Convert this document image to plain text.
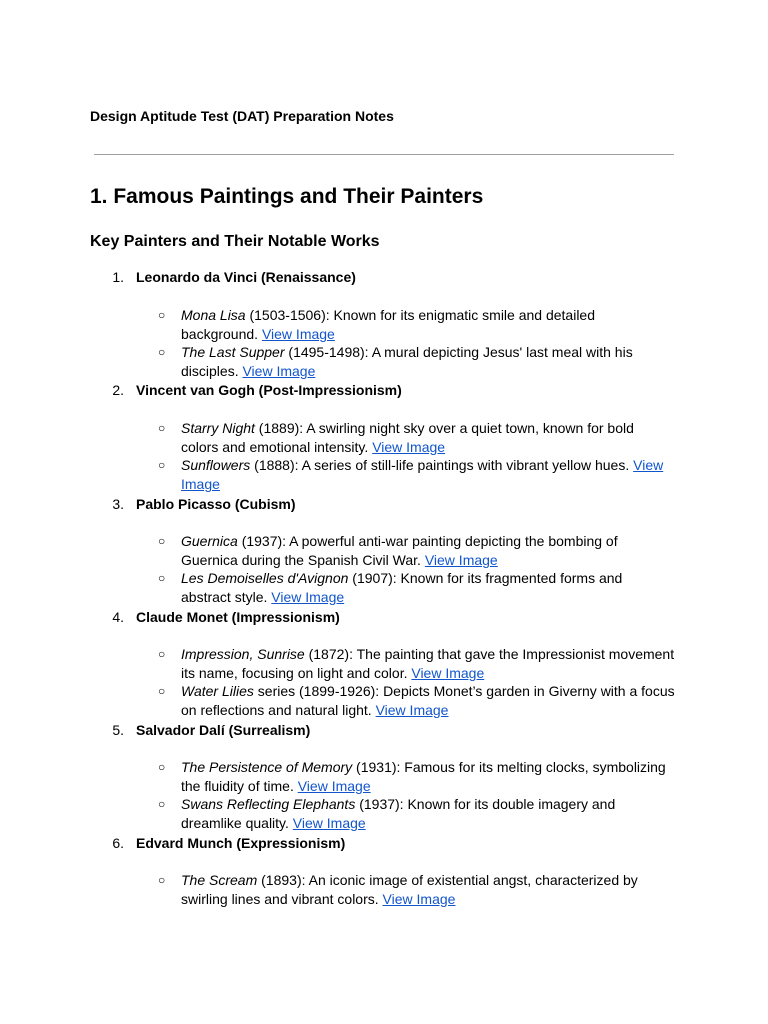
Design Aptitude Test (DAT) Preparation Notes
1. Famous Paintings and Their Painters
Key Painters and Their Notable Works
1. Leonardo da Vinci (Renaissance)
○ Mona Lisa (1503-1506): Known for its enigmatic smile and detailed background. View Image
○ The Last Supper (1495-1498): A mural depicting Jesus' last meal with his disciples. View Image
2. Vincent van Gogh (Post-Impressionism)
○ Starry Night (1889): A swirling night sky over a quiet town, known for bold colors and emotional intensity. View Image
○ Sunflowers (1888): A series of still-life paintings with vibrant yellow hues. View Image
3. Pablo Picasso (Cubism)
○ Guernica (1937): A powerful anti-war painting depicting the bombing of Guernica during the Spanish Civil War. View Image
○ Les Demoiselles d'Avignon (1907): Known for its fragmented forms and abstract style. View Image
4. Claude Monet (Impressionism)
○ Impression, Sunrise (1872): The painting that gave the Impressionist movement its name, focusing on light and color. View Image
○ Water Lilies series (1899-1926): Depicts Monet’s garden in Giverny with a focus on reflections and natural light. View Image
5. Salvador Dalí (Surrealism)
○ The Persistence of Memory (1931): Famous for its melting clocks, symbolizing the fluidity of time. View Image
○ Swans Reflecting Elephants (1937): Known for its double imagery and dreamlike quality. View Image
6. Edvard Munch (Expressionism)
○ The Scream (1893): An iconic image of existential angst, characterized by swirling lines and vibrant colors. View Image
